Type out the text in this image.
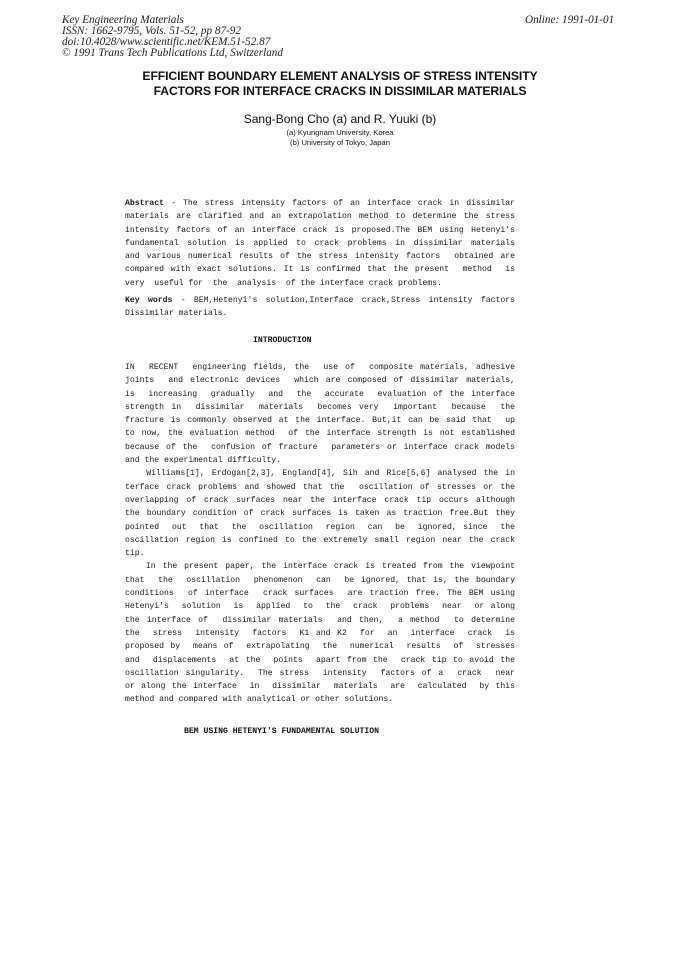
Key Engineering Materials
ISSN: 1662-9795, Vols. 51-52, pp 87-92
doi:10.4028/www.scientific.net/KEM.51-52.87
© 1991 Trans Tech Publications Ltd, Switzerland
Online: 1991-01-01
EFFICIENT BOUNDARY ELEMENT ANALYSIS OF STRESS INTENSITY
FACTORS FOR INTERFACE CRACKS IN DISSIMILAR MATERIALS
Sang-Bong Cho (a) and R. Yuuki (b)
(a) Kyungnam University, Korea
(b) University of Tokyo, Japan
Abstract - The stress intensity factors of an interface crack in dissimilar
materials are clarified and an extrapolation method to determine the stress
intensity factors of an interface crack is proposed.The BEM using Hetenyi's
fundamental solution is applied to crack problems in dissimilar materials
and various numerical results of the stress intensity factors  obtained are
compared with exact solutions. It is confirmed that the present  method  is
very  useful for  the  analysis  of the interface crack problems.
Key words - BEM,Hetenyi's solution,Interface crack,Stress intensity factors
Dissimilar materials.
INTRODUCTION
IN  RECENT  engineering fields, the  use of  composite materials, adhesive
joints  and electronic devices  which are composed of dissimilar materials,
is  increasing  gradually  and  the  accurate  evaluation of the interface
strength in  dissimilar  materials  becomes very  important  because  the
fracture is commonly observed at the interface. But,it can be said that  up
to now, the evaluation method  of the interface strength is not established
because of the  confusion of fracture  parameters or interface crack models
and the experimental difficulty.
Williams[1], Erdogan[2,3], England[4], Sih and Rice[5,6] analysed the in
terface crack problems and showed that the  oscillation of stresses or the
overlapping of crack surfaces near the interface crack tip occurs although
the boundary condition of crack surfaces is taken as traction free.But they
pointed  out  that  the  oscillation  region  can  be  ignored, since  the
oscillation region is confined to the extremely small region near the crack
tip.
In the present paper, the interface crack is treated from the viewpoint
that  the  oscillation  phenomenon  can  be ignored, that is, the boundary
conditions  of interface  crack surfaces  are traction free. The BEM using
Hetenyi's  solution  is  applied  to  the  crack  problems  near  or along
the interface of  dissimilar materials  and then,  a method  to determine
the  stress  intensity  factors  K1 and K2  for  an  interface  crack  is
proposed by  means of  extrapolating  the  numerical  results  of  stresses
and  displacements  at the  points  apart from the  crack tip to avoid the
oscillation singularity.  The stress  intensity  factors of a  crack  near
or along the interface  in  dissimilar  materials  are  calculated  by this
method and compared with analytical or other solutions.
BEM USING HETENYI'S FUNDAMENTAL SOLUTION
